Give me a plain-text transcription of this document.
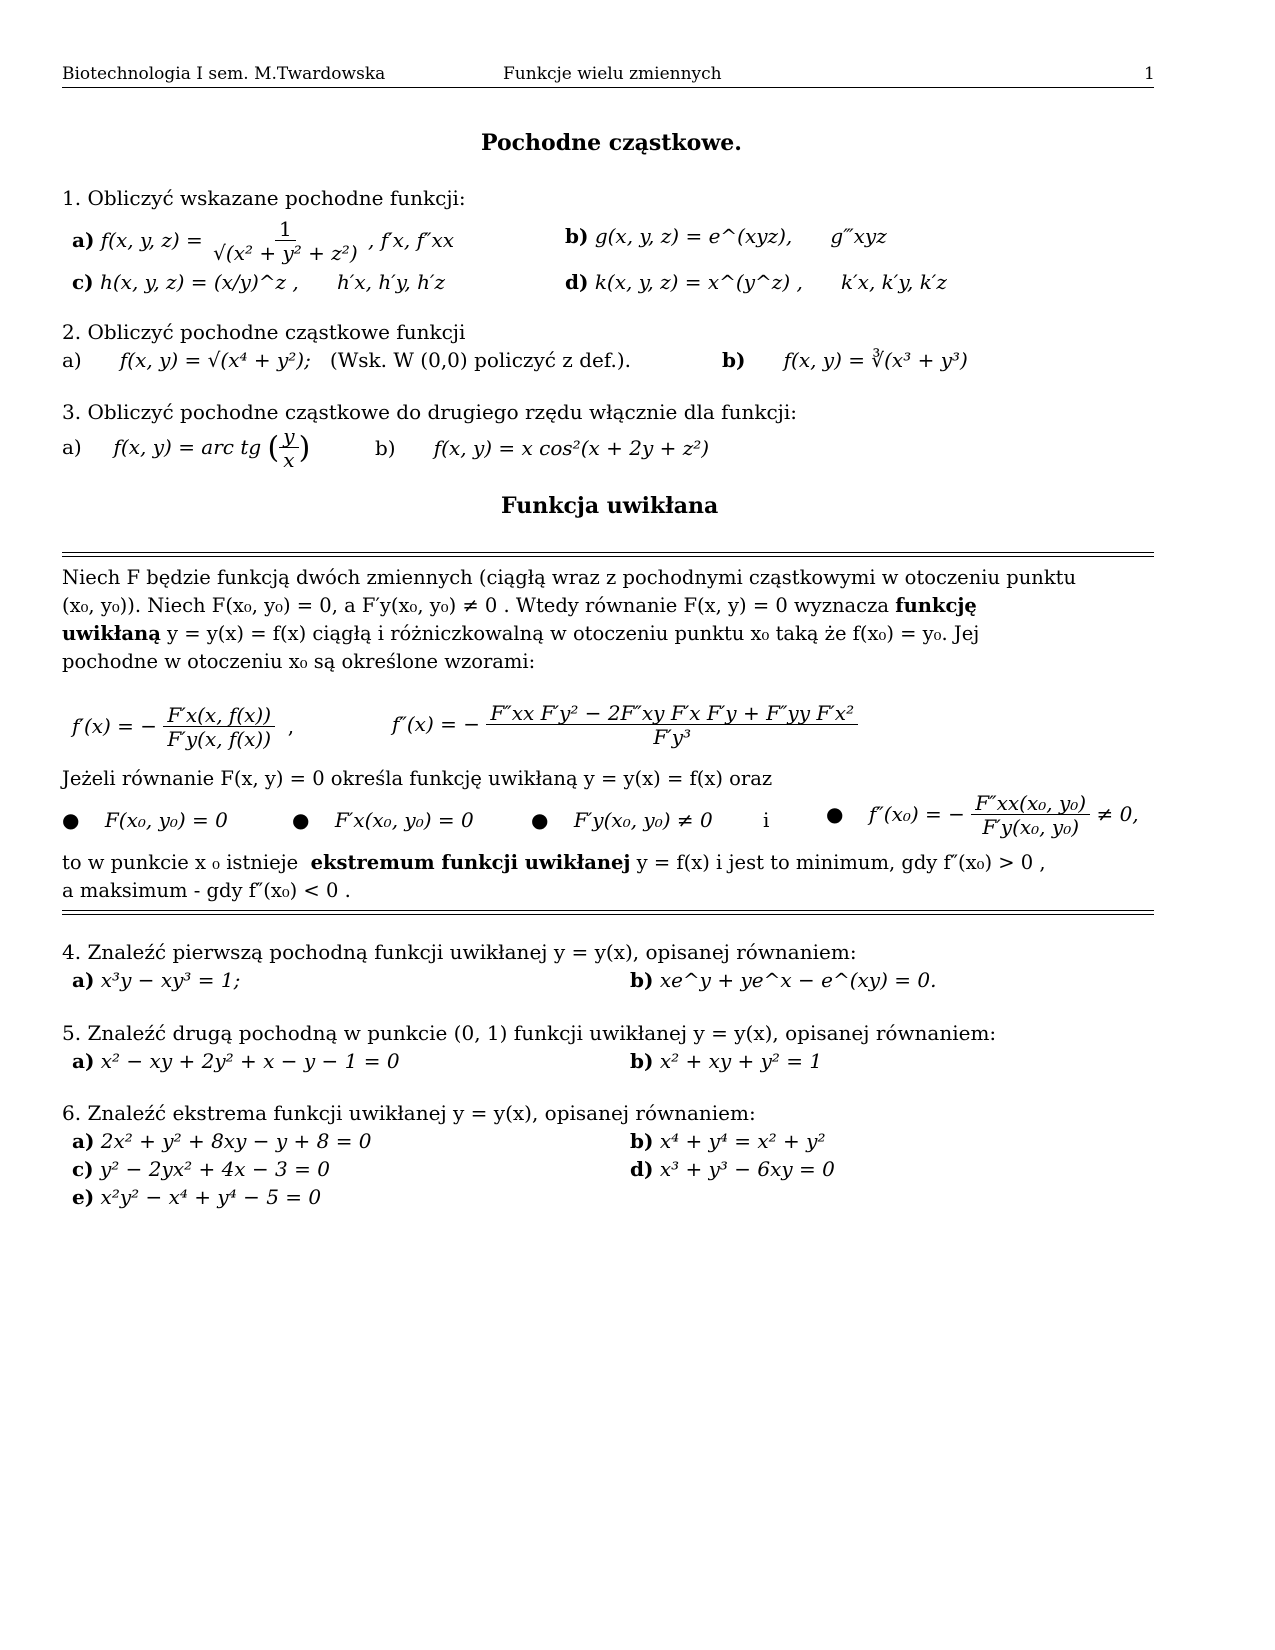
Biotechnologia I sem. M.Twardowska	Funkcje wielu zmiennych	1
Pochodne cząstkowe.
1. Obliczyć wskazane pochodne funkcji:
a) f(x, y, $z) = \frac{1}{\text{√(x² + y² + z²)}}$ , f′x, f″xx	b) g(x, y, z) = e^(xyz), g‴xyz
c) h(x, y, z) = (x/y)^z , h′x, h′y, h′z	d) k(x, y, z) = x^(y^z) , k′x, k′y, k′z
2. Obliczyć pochodne cząstkowe funkcji
a) f(x, y) = √(x⁴ + y²); (Wsk. W (0,0) policzyć z def.).	b) f(x, y) = ∛(x³ + y³)
3. Obliczyć pochodne cząstkowe do drugiego rzędu włącznie dla funkcji:
a) f(x, y) = arc tg ( $\frac{y}{x}$ )	b) f(x, y) = x cos²(x + 2y + z²)
Funkcja uwikłana
Niech F będzie funkcją dwóch zmiennych (ciągłą wraz z pochodnymi cząstkowymi w otoczeniu punktu
(x₀, y₀)). Niech F(x₀, y₀) = 0, a F′y(x₀, y₀) ≠ 0 . Wtedy równanie F(x, y) = 0 wyznacza funkcję
uwikłaną y = y(x) = f(x) ciągłą i różniczkowalną w otoczeniu punktu x₀ taką że f(x₀) = y₀. Jej
pochodne w otoczeniu x₀ są określone wzorami:
f′(x) = − $\frac{F'x(x, f(x))}{F'y(x, f(x))}$ ,	f″(x) = − $\frac{\text{F″xx F′y² − 2F″xy F′x F′y + F″yy F′x²}}{\text{F′y³}}$
Jeżeli równanie F(x, y) = 0 określa funkcję uwikłaną y = y(x) = f(x) oraz
●    F(x₀, y₀) = 0	●    F′x(x₀, y₀) = 0	●    F′y(x₀, y₀) ≠ 0	i	●    f″(x₀) = − $\frac{\text{F″xx(x₀, y₀)}}{\text{F′y(x₀, y₀)}} \ne 0$,
to w punkcie x ₀ istnieje ekstremum funkcji uwikłanej y = f(x) i jest to minimum, gdy f″(x₀) > 0 ,
a maksimum - gdy f″(x₀) < 0 .
4. Znaleźć pierwszą pochodną funkcji uwikłanej y = y(x), opisanej równaniem:
a) x³y − xy³ = 1;	b) xe^y + ye^x − e^(xy) = 0.
5. Znaleźć drugą pochodną w punkcie (0, 1) funkcji uwikłanej y = y(x), opisanej równaniem:
a) x² − xy + 2y² + x − y − 1 = 0	b) x² + xy + y² = 1
6. Znaleźć ekstrema funkcji uwikłanej y = y(x), opisanej równaniem:
a) 2x² + y² + 8xy − y + 8 = 0	b) x⁴ + y⁴ = x² + y²
c) y² − 2yx² + 4x − 3 = 0	d) x³ + y³ − 6xy = 0
e) x²y² − x⁴ + y⁴ − 5 = 0
